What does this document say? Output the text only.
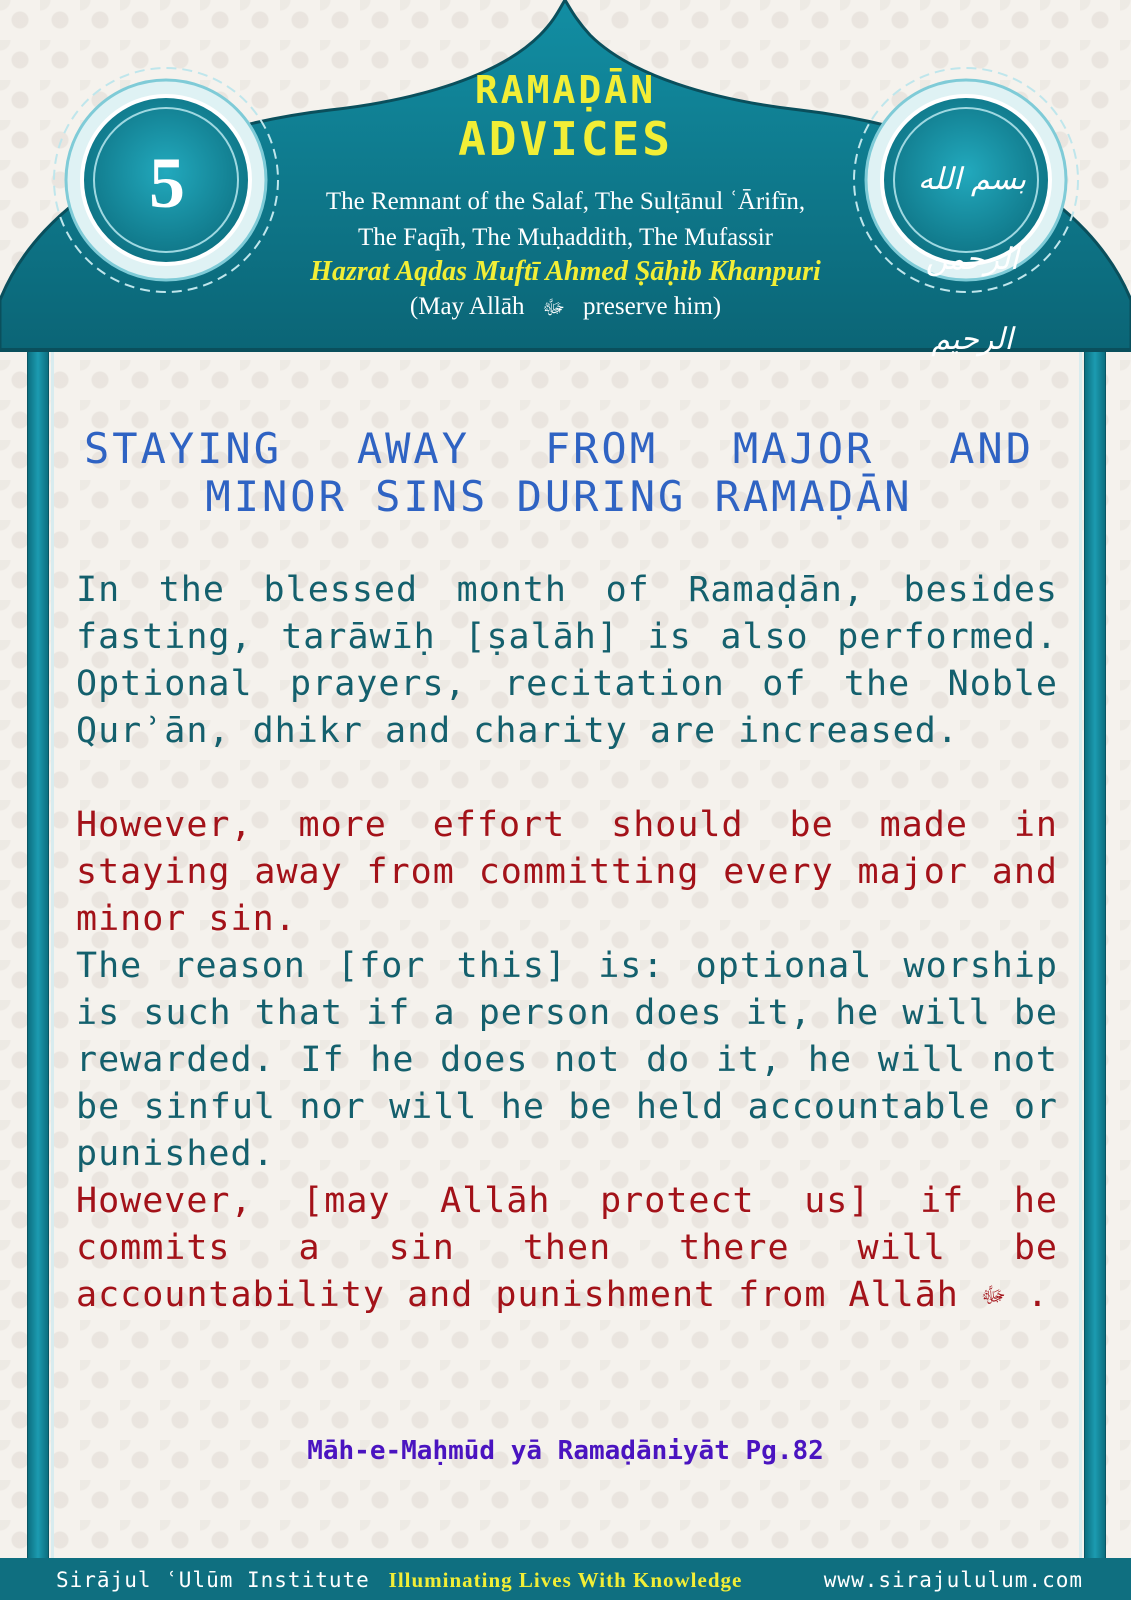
5	بسم الله الرحمن الرحيم
RAMAḌĀN
ADVICES
The Remnant of the Salaf, The Sulṭānul ʿĀrifīn,
The Faqīh, The Muḥaddith, The Mufassir
Hazrat Aqdas Muftī Ahmed Ṣāḥib Khanpuri
(May Allāh ﷻ preserve him)
STAYING AWAY FROM MAJOR AND
MINOR SINS DURING RAMAḌĀN
In the blessed month of Ramaḍān, besides fasting, tarāwīḥ [ṣalāh] is also performed. Optional prayers, recitation of the Noble Qurʾān, dhikr and charity are increased.
However, more effort should be made in staying away from committing every major and minor sin.
The reason [for this] is: optional worship is such that if a person does it, he will be rewarded. If he does not do it, he will not be sinful nor will he be held accountable or punished.
However, [may Allāh protect us] if he commits a sin then there will be accountability and punishment from Allāh ﷻ .
Māh-e-Maḥmūd yā Ramaḍāniyāt Pg.82
Sirājul ʿUlūm Institute Illuminating Lives With Knowledge	www.sirajululum.com
